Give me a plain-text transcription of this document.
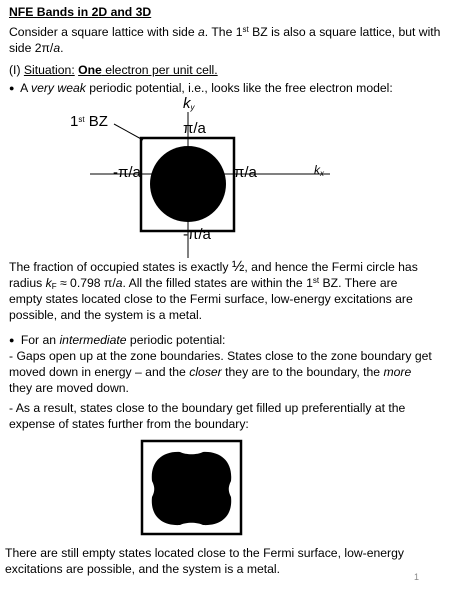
NFE Bands in 2D and 3D
Consider a square lattice with side a. The 1st BZ is also a square lattice, but with side 2π/a.
(I) Situation: One electron per unit cell.
● A very weak periodic potential, i.e., looks like the free electron model:
1st BZ
$k_y$
$k_x$
π/a
π/a
-π/a
-π/a
The fraction of occupied states is exactly ½, and hence the Fermi circle has
radius $k_F \approx 0.798$ π/a. All the filled states are within the 1st BZ. There are
empty states located close to the Fermi surface, low-energy excitations are
possible, and the system is a metal.
● For an intermediate periodic potential:
- Gaps open up at the zone boundaries. States close to the zone boundary get
moved down in energy – and the closer they are to the boundary, the more
they are moved down.
- As a result, states close to the boundary get filled up preferentially at the
expense of states further from the boundary:
There are still empty states located close to the Fermi surface, low-energy
excitations are possible, and the system is a metal.
1
